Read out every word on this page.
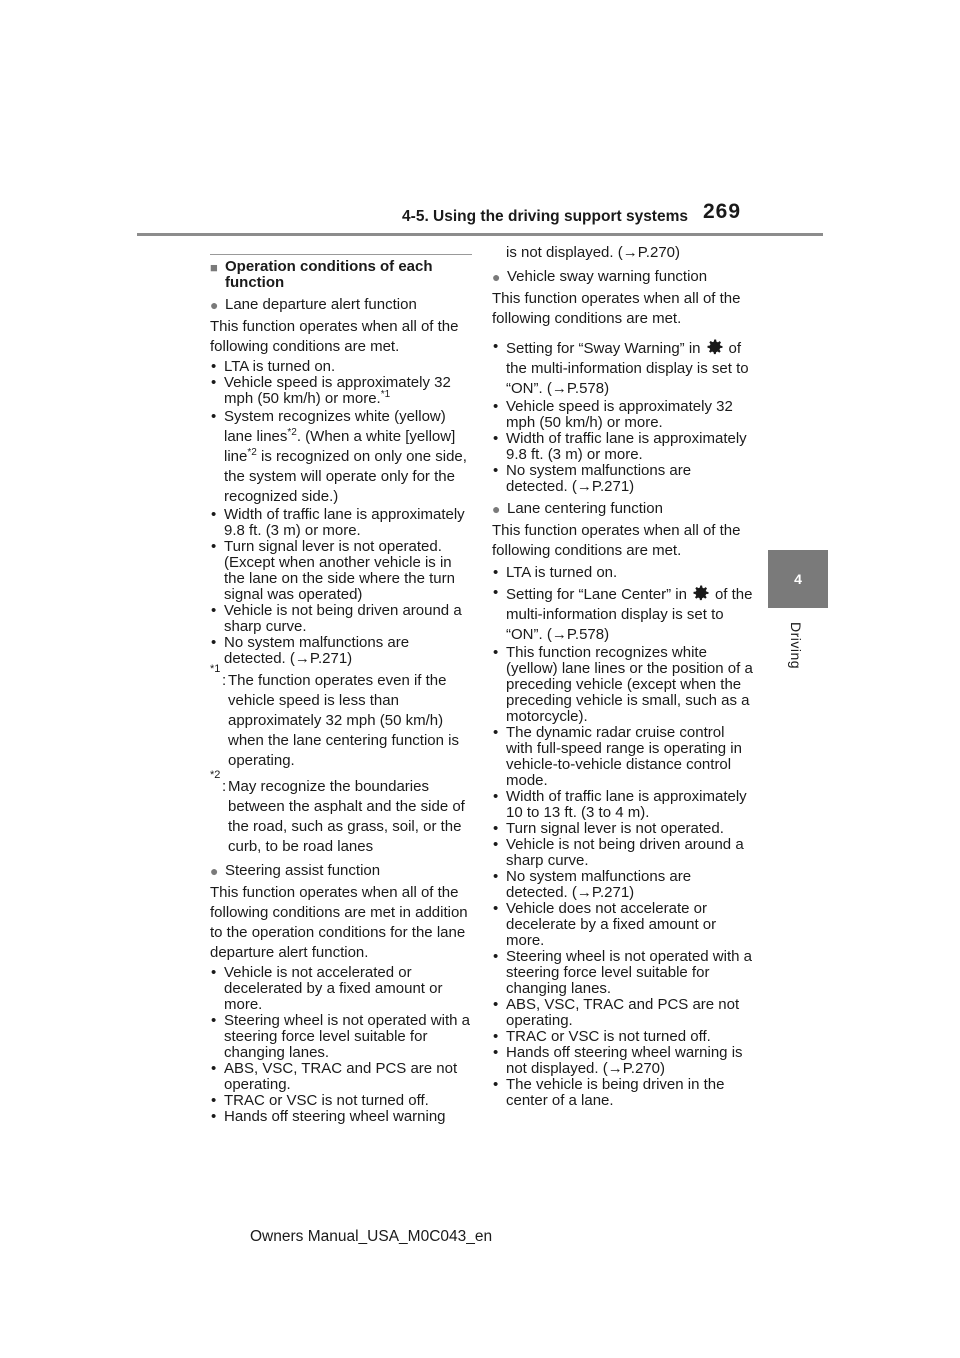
4-5. Using the driving support systems 269
4
Driving
■ Operation conditions of each function
● Lane departure alert function
This function operates when all of the following conditions are met.
• LTA is turned on.
• Vehicle speed is approximately 32 mph (50 km/h) or more.$^{*1}$
• System recognizes white (yellow) lane lines$^{*2}$. (When a white [yellow] line$^{*2}$ is recognized on only one side, the system will operate only for the recognized side.)
• Width of traffic lane is approximately 9.8 ft. (3 m) or more.
• Turn signal lever is not operated. (Except when another vehicle is in the lane on the side where the turn signal was operated)
• Vehicle is not being driven around a sharp curve.
• No system malfunctions are detected. (→P.271)
*1
: The function operates even if the vehicle speed is less than approximately 32 mph (50 km/h) when the lane centering function is operating.
*2
: May recognize the boundaries between the asphalt and the side of the road, such as grass, soil, or the curb, to be road lanes
● Steering assist function
This function operates when all of the following conditions are met in addition to the operation conditions for the lane departure alert function.
• Vehicle is not accelerated or decelerated by a fixed amount or more.
• Steering wheel is not operated with a steering force level suitable for changing lanes.
• ABS, VSC, TRAC and PCS are not operating.
• TRAC or VSC is not turned off.
• Hands off steering wheel warning
is not displayed. (→P.270)
● Vehicle sway warning function
This function operates when all of the following conditions are met.
• Setting for “Sway Warning” in of the multi-information display is set to “ON”. (→P.578)
• Vehicle speed is approximately 32 mph (50 km/h) or more.
• Width of traffic lane is approximately 9.8 ft. (3 m) or more.
• No system malfunctions are detected. (→P.271)
● Lane centering function
This function operates when all of the following conditions are met.
• LTA is turned on.
• Setting for “Lane Center” in of the multi-information display is set to “ON”. (→P.578)
• This function recognizes white (yellow) lane lines or the position of a preceding vehicle (except when the preceding vehicle is small, such as a motorcycle).
• The dynamic radar cruise control with full-speed range is operating in vehicle-to-vehicle distance control mode.
• Width of traffic lane is approximately 10 to 13 ft. (3 to 4 m).
• Turn signal lever is not operated.
• Vehicle is not being driven around a sharp curve.
• No system malfunctions are detected. (→P.271)
• Vehicle does not accelerate or decelerate by a fixed amount or more.
• Steering wheel is not operated with a steering force level suitable for changing lanes.
• ABS, VSC, TRAC and PCS are not operating.
• TRAC or VSC is not turned off.
• Hands off steering wheel warning is not displayed. (→P.270)
• The vehicle is being driven in the center of a lane.
Owners Manual_USA_M0C043_en
